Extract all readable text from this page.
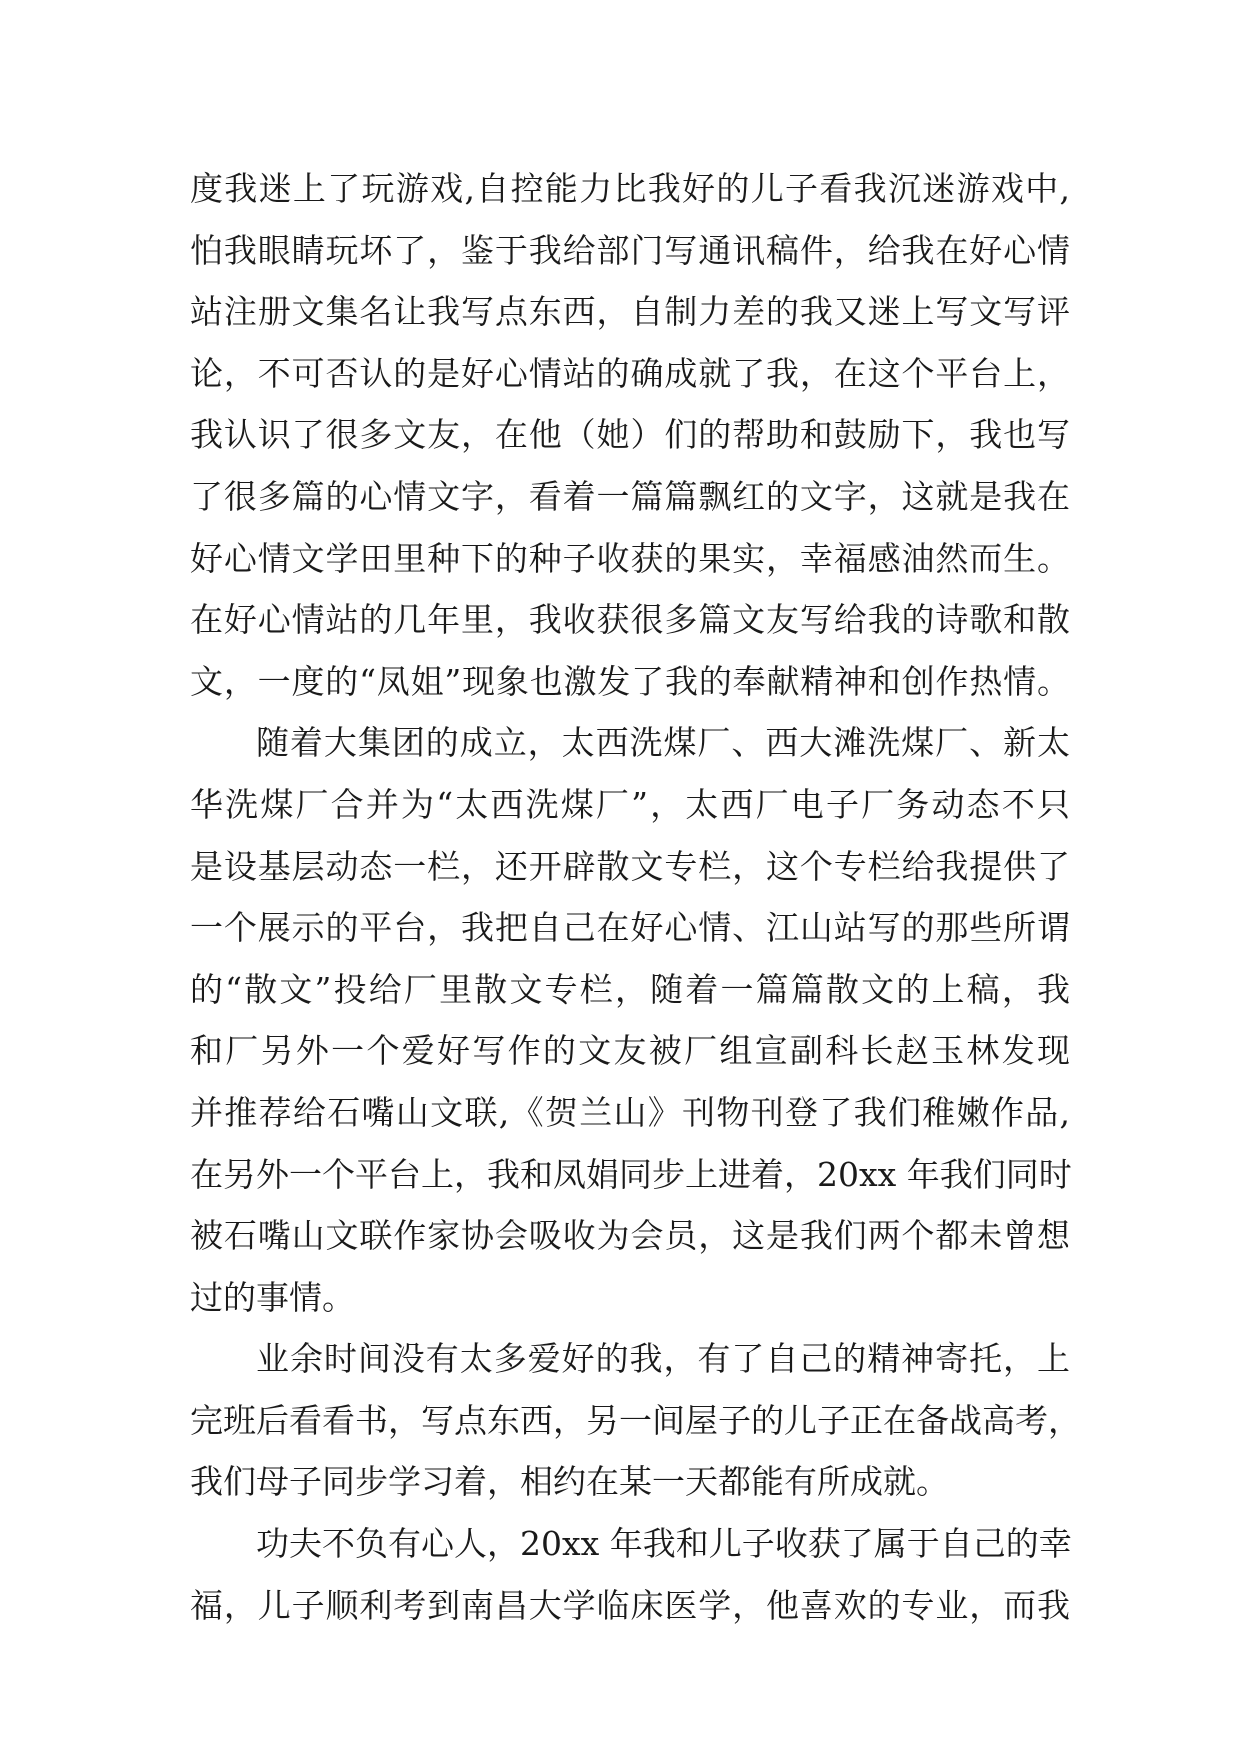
度我迷上了玩游戏,自控能力比我好的儿子看我沉迷游戏中,
怕我眼睛玩坏了，鉴于我给部门写通讯稿件，给我在好心情
站注册文集名让我写点东西，自制力差的我又迷上写文写评
论，不可否认的是好心情站的确成就了我，在这个平台上，
我认识了很多文友，在他（她）们的帮助和鼓励下，我也写
了很多篇的心情文字，看着一篇篇飘红的文字，这就是我在
好心情文学田里种下的种子收获的果实，幸福感油然而生。
在好心情站的几年里，我收获很多篇文友写给我的诗歌和散
文，一度的“凤姐”现象也激发了我的奉献精神和创作热情。
随着大集团的成立，太西洗煤厂、西大滩洗煤厂、新太
华洗煤厂合并为“太西洗煤厂”，太西厂电子厂务动态不只
是设基层动态一栏，还开辟散文专栏，这个专栏给我提供了
一个展示的平台，我把自己在好心情、江山站写的那些所谓
的“散文”投给厂里散文专栏，随着一篇篇散文的上稿，我
和厂另外一个爱好写作的文友被厂组宣副科长赵玉林发现
并推荐给石嘴山文联,《贺兰山》刊物刊登了我们稚嫩作品,
在另外一个平台上，我和凤娟同步上进着，20xx 年我们同时
被石嘴山文联作家协会吸收为会员，这是我们两个都未曾想
过的事情。
业余时间没有太多爱好的我，有了自己的精神寄托，上
完班后看看书，写点东西，另一间屋子的儿子正在备战高考，
我们母子同步学习着，相约在某一天都能有所成就。
功夫不负有心人，20xx 年我和儿子收获了属于自己的幸
福，儿子顺利考到南昌大学临床医学，他喜欢的专业，而我
